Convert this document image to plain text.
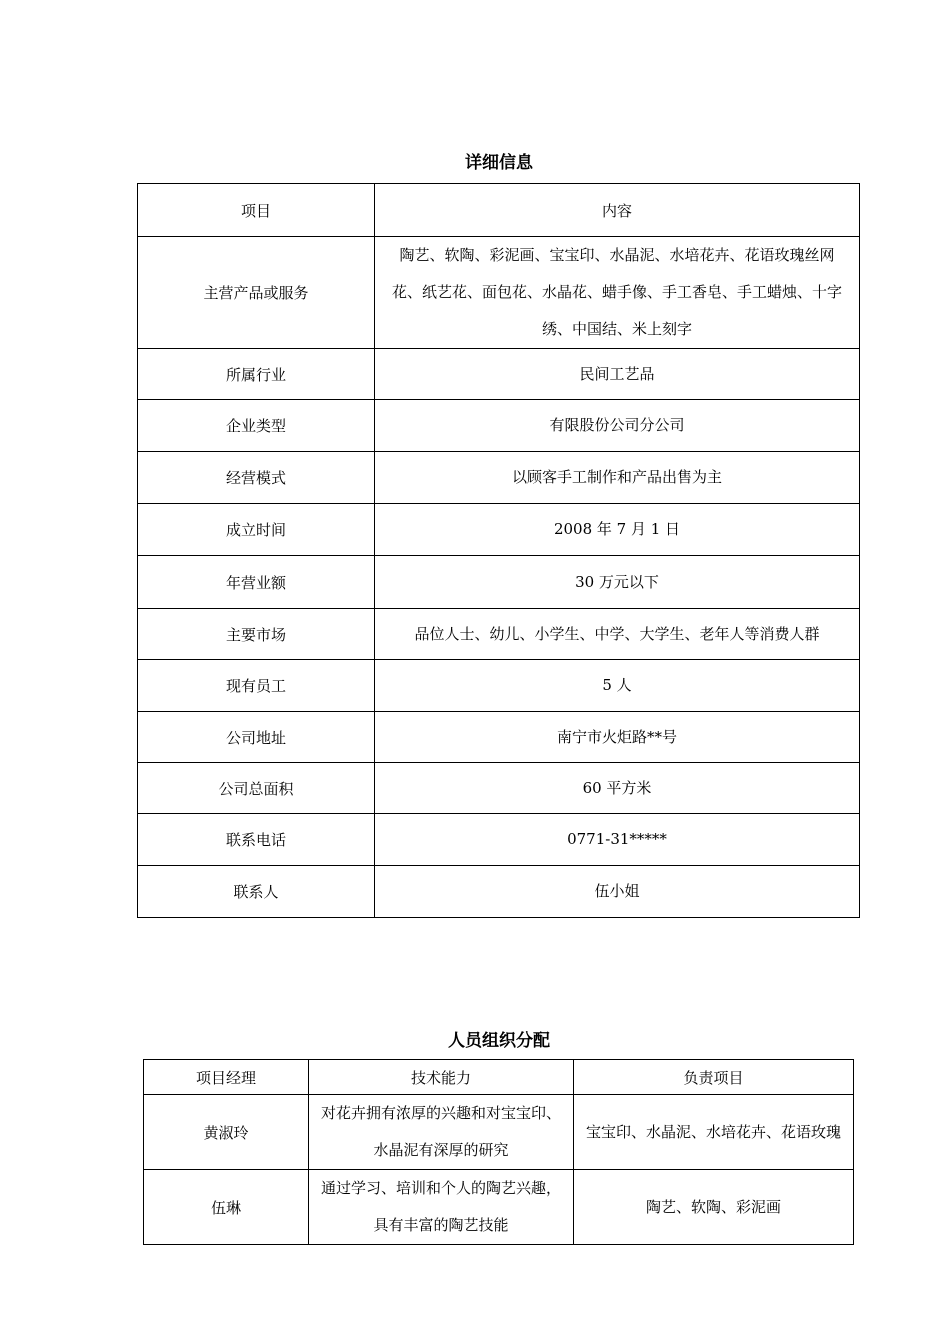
详细信息
项目	内容
主营产品或服务	陶艺、软陶、彩泥画、宝宝印、水晶泥、水培花卉、花语玫瑰丝网花、纸艺花、面包花、水晶花、蜡手像、手工香皂、手工蜡烛、十字绣、中国结、米上刻字
所属行业	民间工艺品
企业类型	有限股份公司分公司
经营模式	以顾客手工制作和产品出售为主
成立时间	2008 年 7 月 1 日
年营业额	30 万元以下
主要市场	品位人士、幼儿、小学生、中学、大学生、老年人等消费人群
现有员工	5 人
公司地址	南宁市火炬路**号
公司总面积	60 平方米
联系电话	0771-31*****
联系人	伍小姐
人员组织分配
项目经理	技术能力	负责项目
黄淑玲	对花卉拥有浓厚的兴趣和对宝宝印、水晶泥有深厚的研究	宝宝印、水晶泥、水培花卉、花语玫瑰
伍琳	通过学习、培训和个人的陶艺兴趣，具有丰富的陶艺技能	陶艺、软陶、彩泥画
